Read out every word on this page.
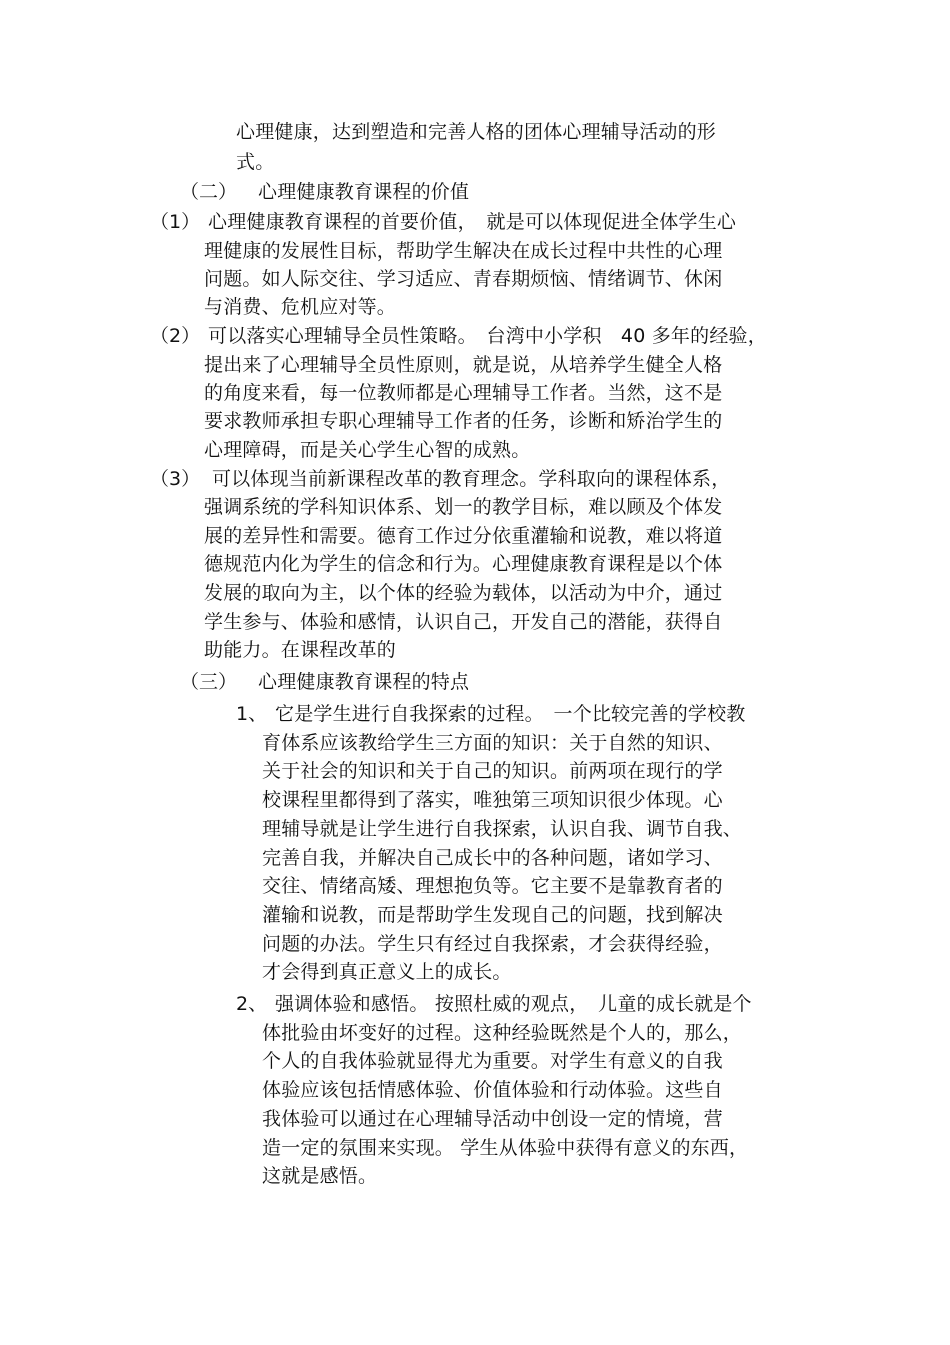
心理健康，达到塑造和完善人格的团体心理辅导活动的形
式。
（二） 心理健康教育课程的价值
（1） 心理健康教育课程的首要价值，　就是可以体现促进全体学生心
理健康的发展性目标，帮助学生解决在成长过程中共性的心理
问题。如人际交往、学习适应、青春期烦恼、情绪调节、休闲
与消费、危机应对等。
（2） 可以落实心理辅导全员性策略。　台湾中小学积　40 多年的经验，
提出来了心理辅导全员性原则，就是说，从培养学生健全人格
的角度来看，每一位教师都是心理辅导工作者。当然，这不是
要求教师承担专职心理辅导工作者的任务，诊断和矫治学生的
心理障碍，而是关心学生心智的成熟。
（3） 可以体现当前新课程改革的教育理念。学科取向的课程体系，
强调系统的学科知识体系、划一的教学目标，难以顾及个体发
展的差异性和需要。德育工作过分依重灌输和说教，难以将道
德规范内化为学生的信念和行为。心理健康教育课程是以个体
发展的取向为主，以个体的经验为载体，以活动为中介，通过
学生参与、体验和感情，认识自己，开发自己的潜能，获得自
助能力。在课程改革的
（三） 心理健康教育课程的特点
1、 它是学生进行自我探索的过程。　一个比较完善的学校教
育体系应该教给学生三方面的知识：关于自然的知识、
关于社会的知识和关于自己的知识。前两项在现行的学
校课程里都得到了落实，唯独第三项知识很少体现。心
理辅导就是让学生进行自我探索，认识自我、调节自我、
完善自我，并解决自己成长中的各种问题，诸如学习、
交往、情绪高矮、理想抱负等。它主要不是靠教育者的
灌输和说教，而是帮助学生发现自己的问题，找到解决
问题的办法。学生只有经过自我探索，才会获得经验，
才会得到真正意义上的成长。
2、 强调体验和感悟。 按照杜威的观点，　儿童的成长就是个
体批验由坏变好的过程。这种经验既然是个人的，那么，
个人的自我体验就显得尤为重要。对学生有意义的自我
体验应该包括情感体验、价值体验和行动体验。这些自
我体验可以通过在心理辅导活动中创设一定的情境，营
造一定的氛围来实现。 学生从体验中获得有意义的东西，
这就是感悟。
